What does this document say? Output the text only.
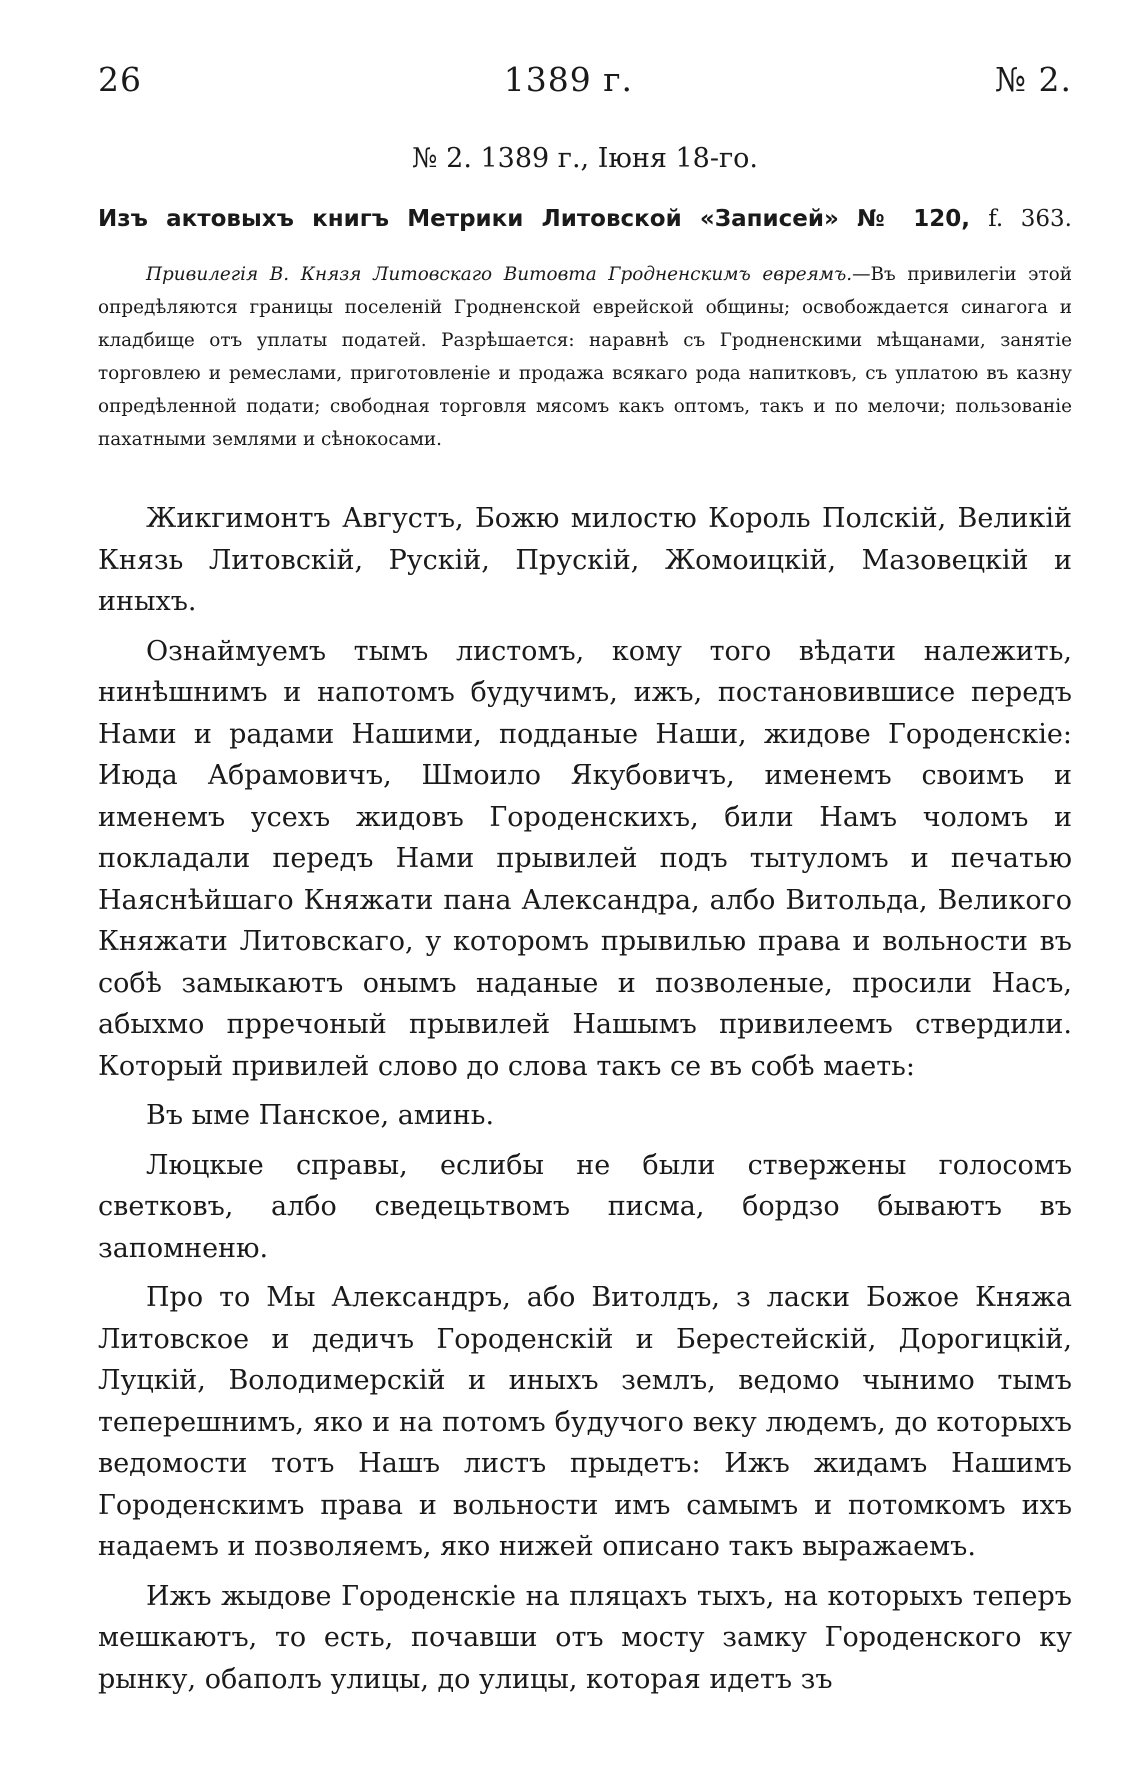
26	1389 г.	№ 2.
№ 2. 1389 г., Іюня 18-го.
Изъ актовыхъ книгъ Метрики Литовской «Записей» № 120, f. 363.

Привилегія В. Князя Литовскаго Витовта Гродненскимъ евреямъ.—Въ привилегіи этой опредѣляются границы поселеній Гродненской еврейской общины; освобождается синагога и кладбище отъ уплаты податей. Разрѣшается: наравнѣ съ Гродненскими мѣщанами, занятіе торговлею и ремеслами, приготовленіе и продажа всякаго рода напитковъ, съ уплатою въ казну опредѣленной подати; свободная торговля мясомъ какъ оптомъ, такъ и по мелочи; пользованіе пахатными землями и сѣнокосами.

Жикгимонтъ Августъ, Божю милостю Король Полскій, Великій Князь Литовскій, Рускій, Прускій, Жомоицкій, Мазовецкій и иныхъ.

Ознаймуемъ тымъ листомъ, кому того вѣдати належить, нинѣшнимъ и напотомъ будучимъ, ижъ, постановившисе передъ Нами и радами Нашими, подданые Наши, жидове Городенскіе: Июда Абрамовичъ, Шмоило Якубовичъ, именемъ своимъ и именемъ усехъ жидовъ Городенскихъ, били Намъ чоломъ и покладали передъ Нами прывилей подъ тытуломъ и печатью Наяснѣйшаго Княжати пана Александра, албо Витольда, Великого Княжати Литовскаго, у которомъ прывилью права и вольности въ собѣ замыкаютъ онымъ наданые и позволеные, просили Насъ, абыхмо прречоный прывилей Нашымъ привилеемъ ствердили. Который привилей слово до слова такъ се въ собѣ маеть:

Въ ыме Панское, аминь.

Люцкые справы, еслибы не были ствержены голосомъ светковъ, албо сведецьтвомъ писма, бордзо бываютъ въ запомненю.

Про то Мы Александръ, або Витолдъ, з ласки Божое Княжа Литовское и дедичъ Городенскій и Берестейскій, Дорогицкій, Луцкій, Володимерскій и иныхъ землъ, ведомо чынимо тымъ теперешнимъ, яко и на потомъ будучого веку людемъ, до которыхъ ведомости тотъ Нашъ листъ прыдетъ: Ижъ жидамъ Нашимъ Городенскимъ права и вольности имъ самымъ и потомкомъ ихъ надаемъ и позволяемъ, яко нижей описано такъ выражаемъ.

Ижъ жыдове Городенскіе на пляцахъ тыхъ, на которыхъ теперъ мешкаютъ, то есть, почавши отъ мосту замку Городенского ку рынку, обаполъ улицы, до улицы, которая идетъ зъ
